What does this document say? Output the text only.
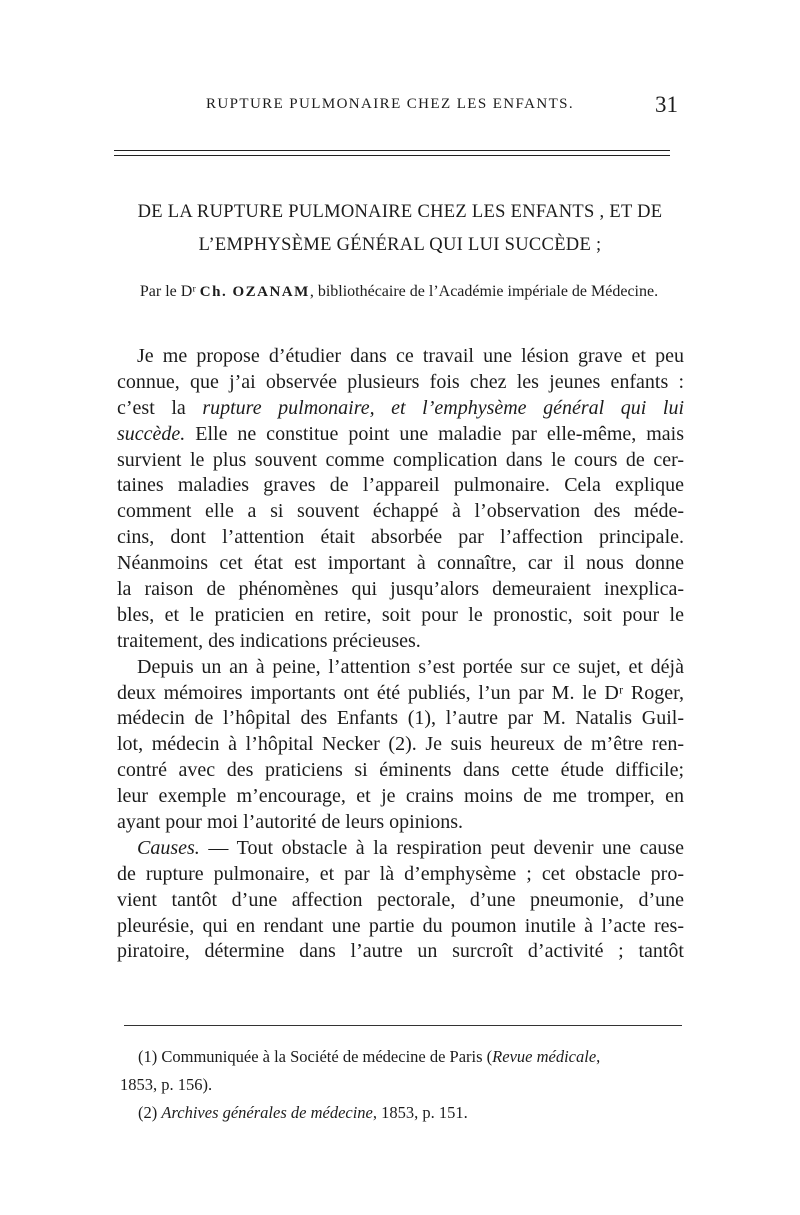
RUPTURE PULMONAIRE CHEZ LES ENFANTS.	31
DE LA RUPTURE PULMONAIRE CHEZ LES ENFANTS , ET DE
L’EMPHYSÈME GÉNÉRAL QUI LUI SUCCÈDE ;
Par le Dʳ Ch. OZANAM, bibliothécaire de l’Académie impériale de Médecine.
Je me propose d’étudier dans ce travail une lésion grave et peu
connue, que j’ai observée plusieurs fois chez les jeunes enfants :
c’est la rupture pulmonaire, et l’emphysème général qui lui
succède. Elle ne constitue point une maladie par elle-même, mais
survient le plus souvent comme complication dans le cours de cer-
taines maladies graves de l’appareil pulmonaire. Cela explique
comment elle a si souvent échappé à l’observation des méde-
cins, dont l’attention était absorbée par l’affection principale.
Néanmoins cet état est important à connaître, car il nous donne
la raison de phénomènes qui jusqu’alors demeuraient inexplica-
bles, et le praticien en retire, soit pour le pronostic, soit pour le
traitement, des indications précieuses.
Depuis un an à peine, l’attention s’est portée sur ce sujet, et déjà
deux mémoires importants ont été publiés, l’un par M. le Dʳ Roger,
médecin de l’hôpital des Enfants (1), l’autre par M. Natalis Guil-
lot, médecin à l’hôpital Necker (2). Je suis heureux de m’être ren-
contré avec des praticiens si éminents dans cette étude difficile;
leur exemple m’encourage, et je crains moins de me tromper, en
ayant pour moi l’autorité de leurs opinions.
Causes. — Tout obstacle à la respiration peut devenir une cause
de rupture pulmonaire, et par là d’emphysème ; cet obstacle pro-
vient tantôt d’une affection pectorale, d’une pneumonie, d’une
pleurésie, qui en rendant une partie du poumon inutile à l’acte res-
piratoire, détermine dans l’autre un surcroît d’activité ; tantôt
(1) Communiquée à la Société de médecine de Paris (Revue médicale,
1853, p. 156).
(2) Archives générales de médecine, 1853, p. 151.
